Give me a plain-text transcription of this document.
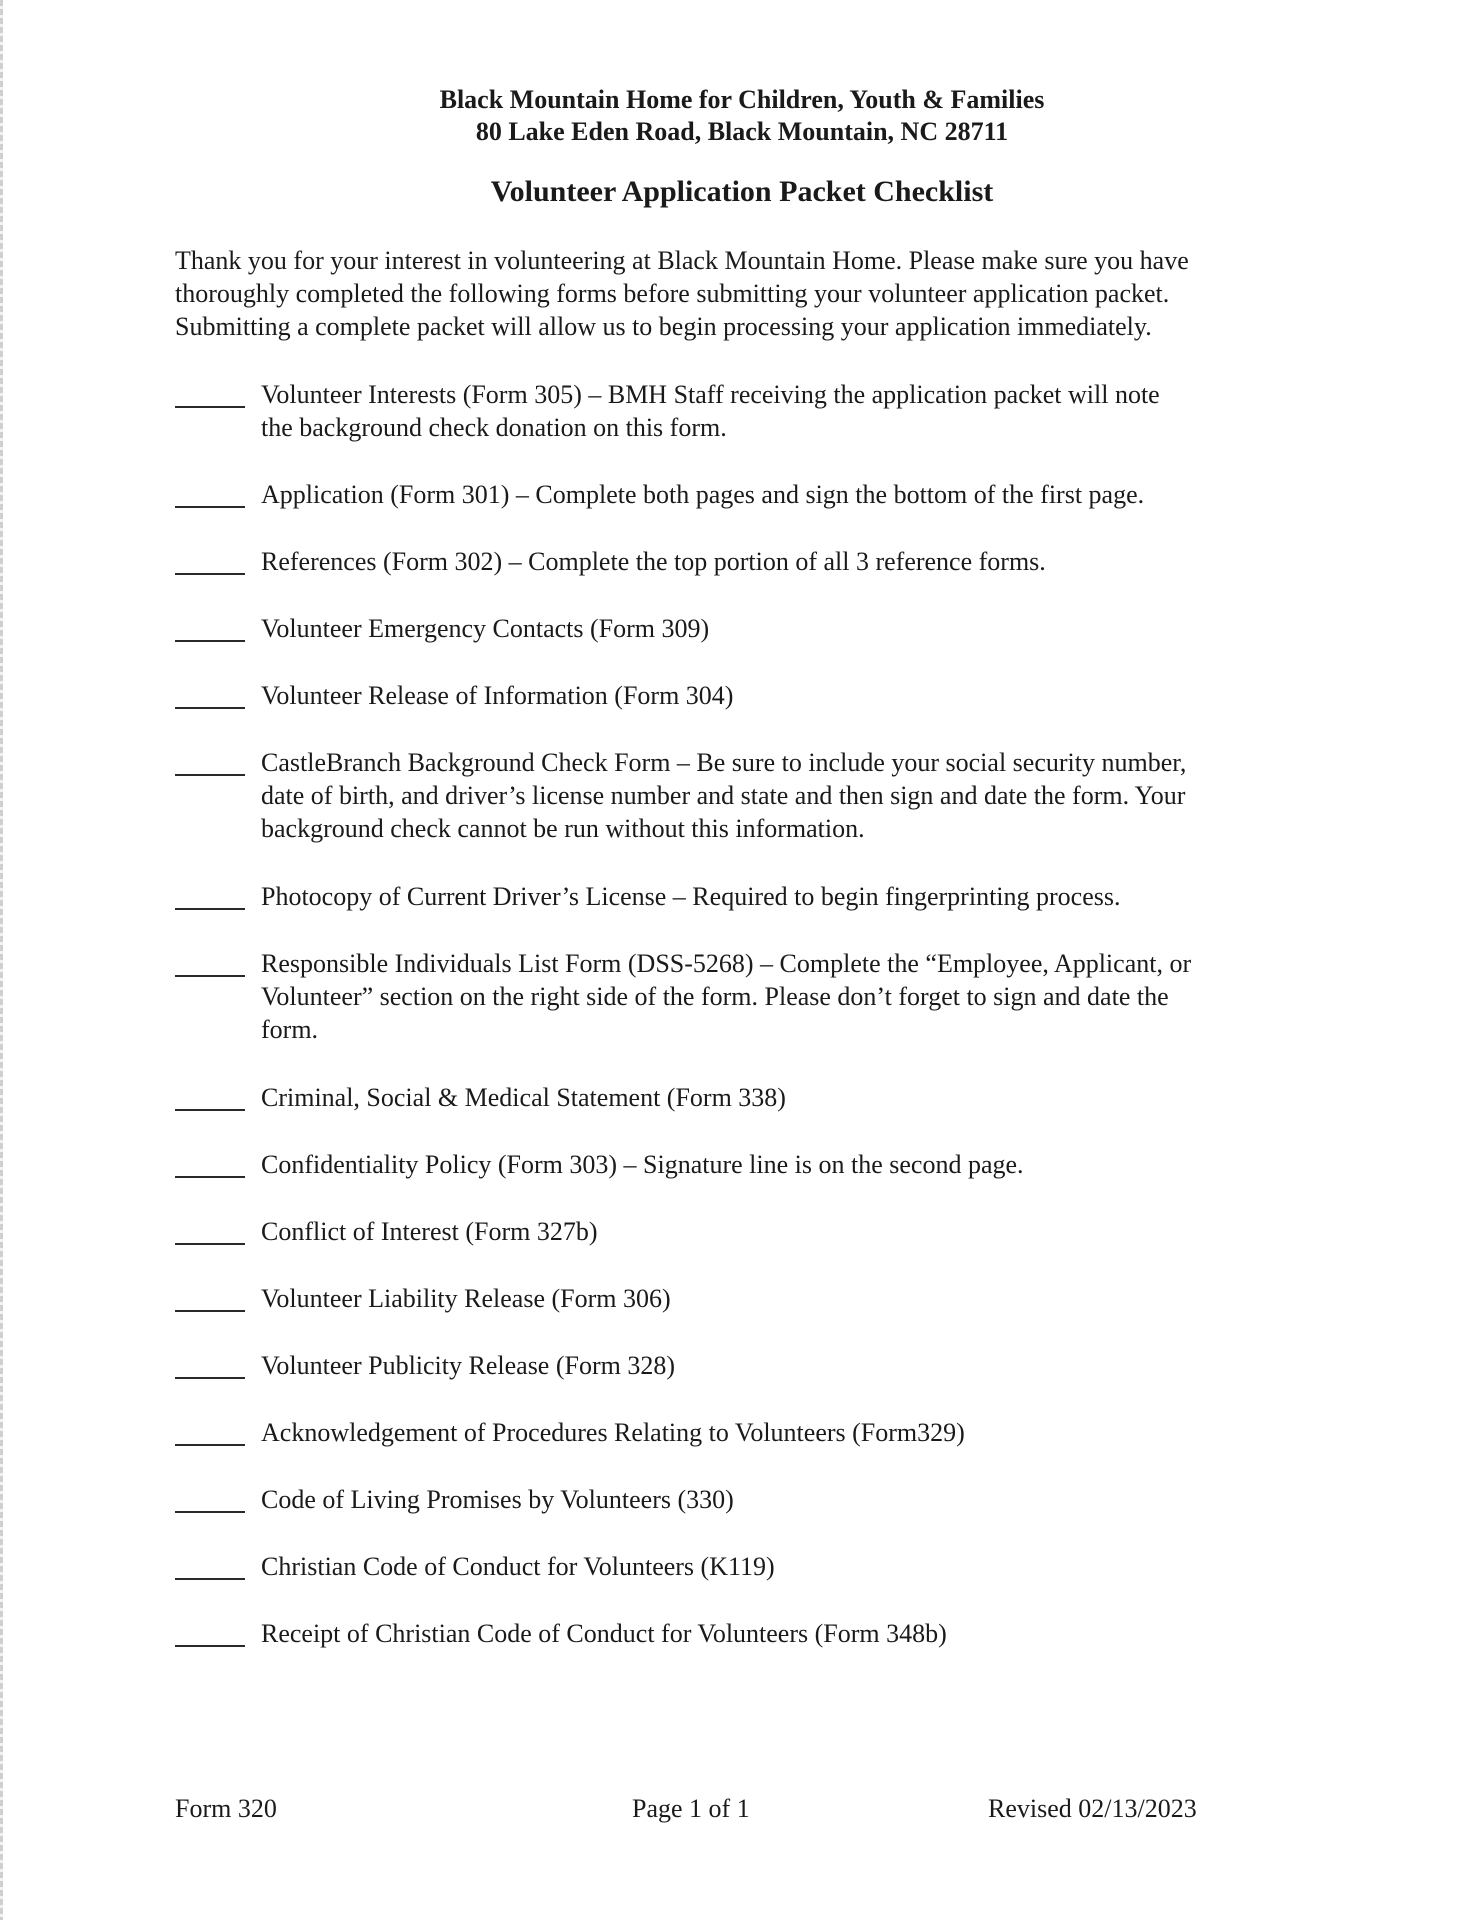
Black Mountain Home for Children, Youth & Families
80 Lake Eden Road, Black Mountain, NC 28711
Volunteer Application Packet Checklist
Thank you for your interest in volunteering at Black Mountain Home. Please make sure you have
thoroughly completed the following forms before submitting your volunteer application packet.
Submitting a complete packet will allow us to begin processing your application immediately.
Volunteer Interests (Form 305) – BMH Staff receiving the application packet will note
the background check donation on this form.
Application (Form 301) – Complete both pages and sign the bottom of the first page.
References (Form 302) – Complete the top portion of all 3 reference forms.
Volunteer Emergency Contacts (Form 309)
Volunteer Release of Information (Form 304)
CastleBranch Background Check Form – Be sure to include your social security number,
date of birth, and driver’s license number and state and then sign and date the form. Your
background check cannot be run without this information.
Photocopy of Current Driver’s License – Required to begin fingerprinting process.
Responsible Individuals List Form (DSS-5268) – Complete the “Employee, Applicant, or
Volunteer” section on the right side of the form. Please don’t forget to sign and date the
form.
Criminal, Social & Medical Statement (Form 338)
Confidentiality Policy (Form 303) – Signature line is on the second page.
Conflict of Interest (Form 327b)
Volunteer Liability Release (Form 306)
Volunteer Publicity Release (Form 328)
Acknowledgement of Procedures Relating to Volunteers (Form329)
Code of Living Promises by Volunteers (330)
Christian Code of Conduct for Volunteers (K119)
Receipt of Christian Code of Conduct for Volunteers (Form 348b)
Form 320	Page 1 of 1	Revised 02/13/2023
